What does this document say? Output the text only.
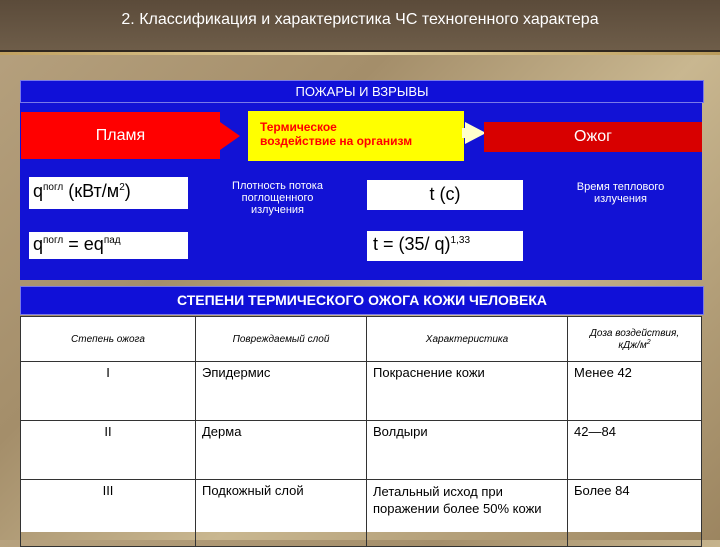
2. Классификация и характеристика ЧС техногенного характера
ПОЖАРЫ И ВЗРЫВЫ
Пламя	Термическое
воздействие на организм	Ожог
$q^{погл}$ $(кВт/м^2)$
$q^{погл} = eq^{пад}$
Плотность потока
поглощенного
излучения
t (с)
t = (35/ q)$^{1,33}$
Время теплового
излучения
СТЕПЕНИ ТЕРМИЧЕСКОГО ОЖОГА КОЖИ ЧЕЛОВЕКА
Степень ожога	Повреждаемый слой	Характеристика	Доза воздействия,
кДж/$м^2$
I	Эпидермис	Покраснение кожи	Менее 42
II	Дерма	Волдыри	42—84
III	Подкожный слой	Летальный исход при поражении более 50% кожи	Более 84
